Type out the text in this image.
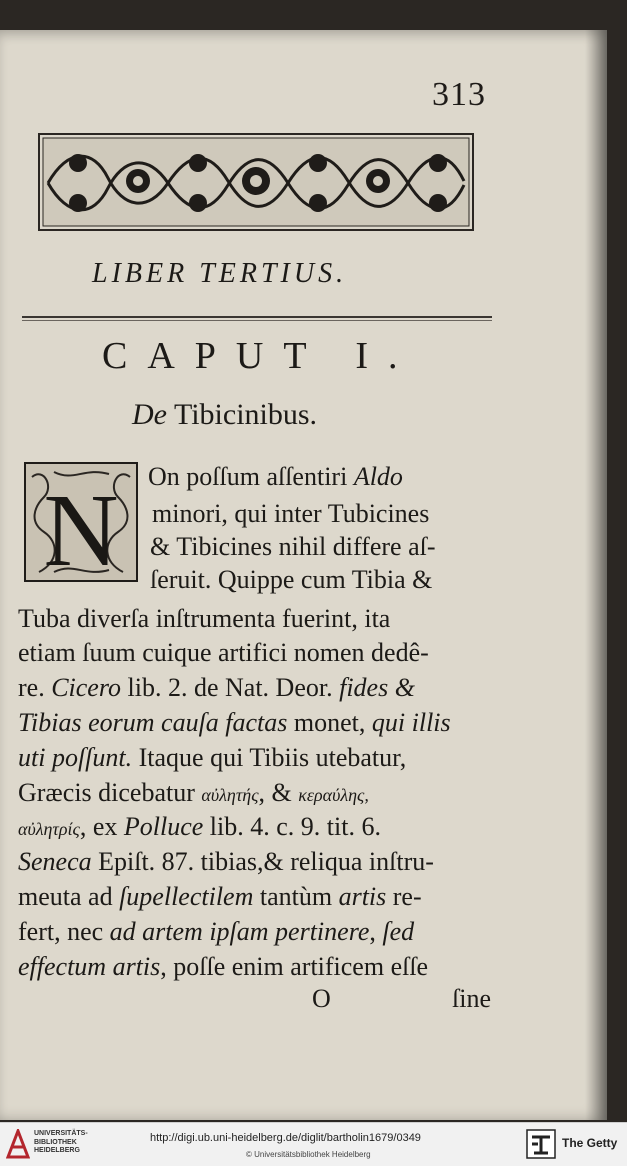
313
LIBER TERTIUS.
CAPUT I.
De Tibicinibus.
N On poſſum aſſentiri Aldo
minori, qui inter Tubicines
& Tibicines nihil differe aſ-
ſeruit. Quippe cum Tibia &
Tuba diverſa inſtrumenta fuerint, ita
etiam ſuum cuique artifici nomen dedê-
re. Cicero lib. 2. de Nat. Deor. fides &
Tibias eorum cauſa factas monet, qui illis
uti poſſunt. Itaque qui Tibiis utebatur,
Græcis dicebatur αὐλητής, & κεραύλης,
αὐλητρίς, ex Polluce lib. 4. c. 9. tit. 6.
Seneca Epiſt. 87. tibias,& reliqua inſtru-
meuta ad ſupellectilem tantùm artis re-
fert, nec ad artem ipſam pertinere, ſed
effectum artis, poſſe enim artificem eſſe
O	ſine
UNIVERSITÄTS-
BIBLIOTHEK
HEIDELBERG
http://digi.ub.uni-heidelberg.de/diglit/bartholin1679/0349
© Universitätsbibliothek Heidelberg
The Getty
